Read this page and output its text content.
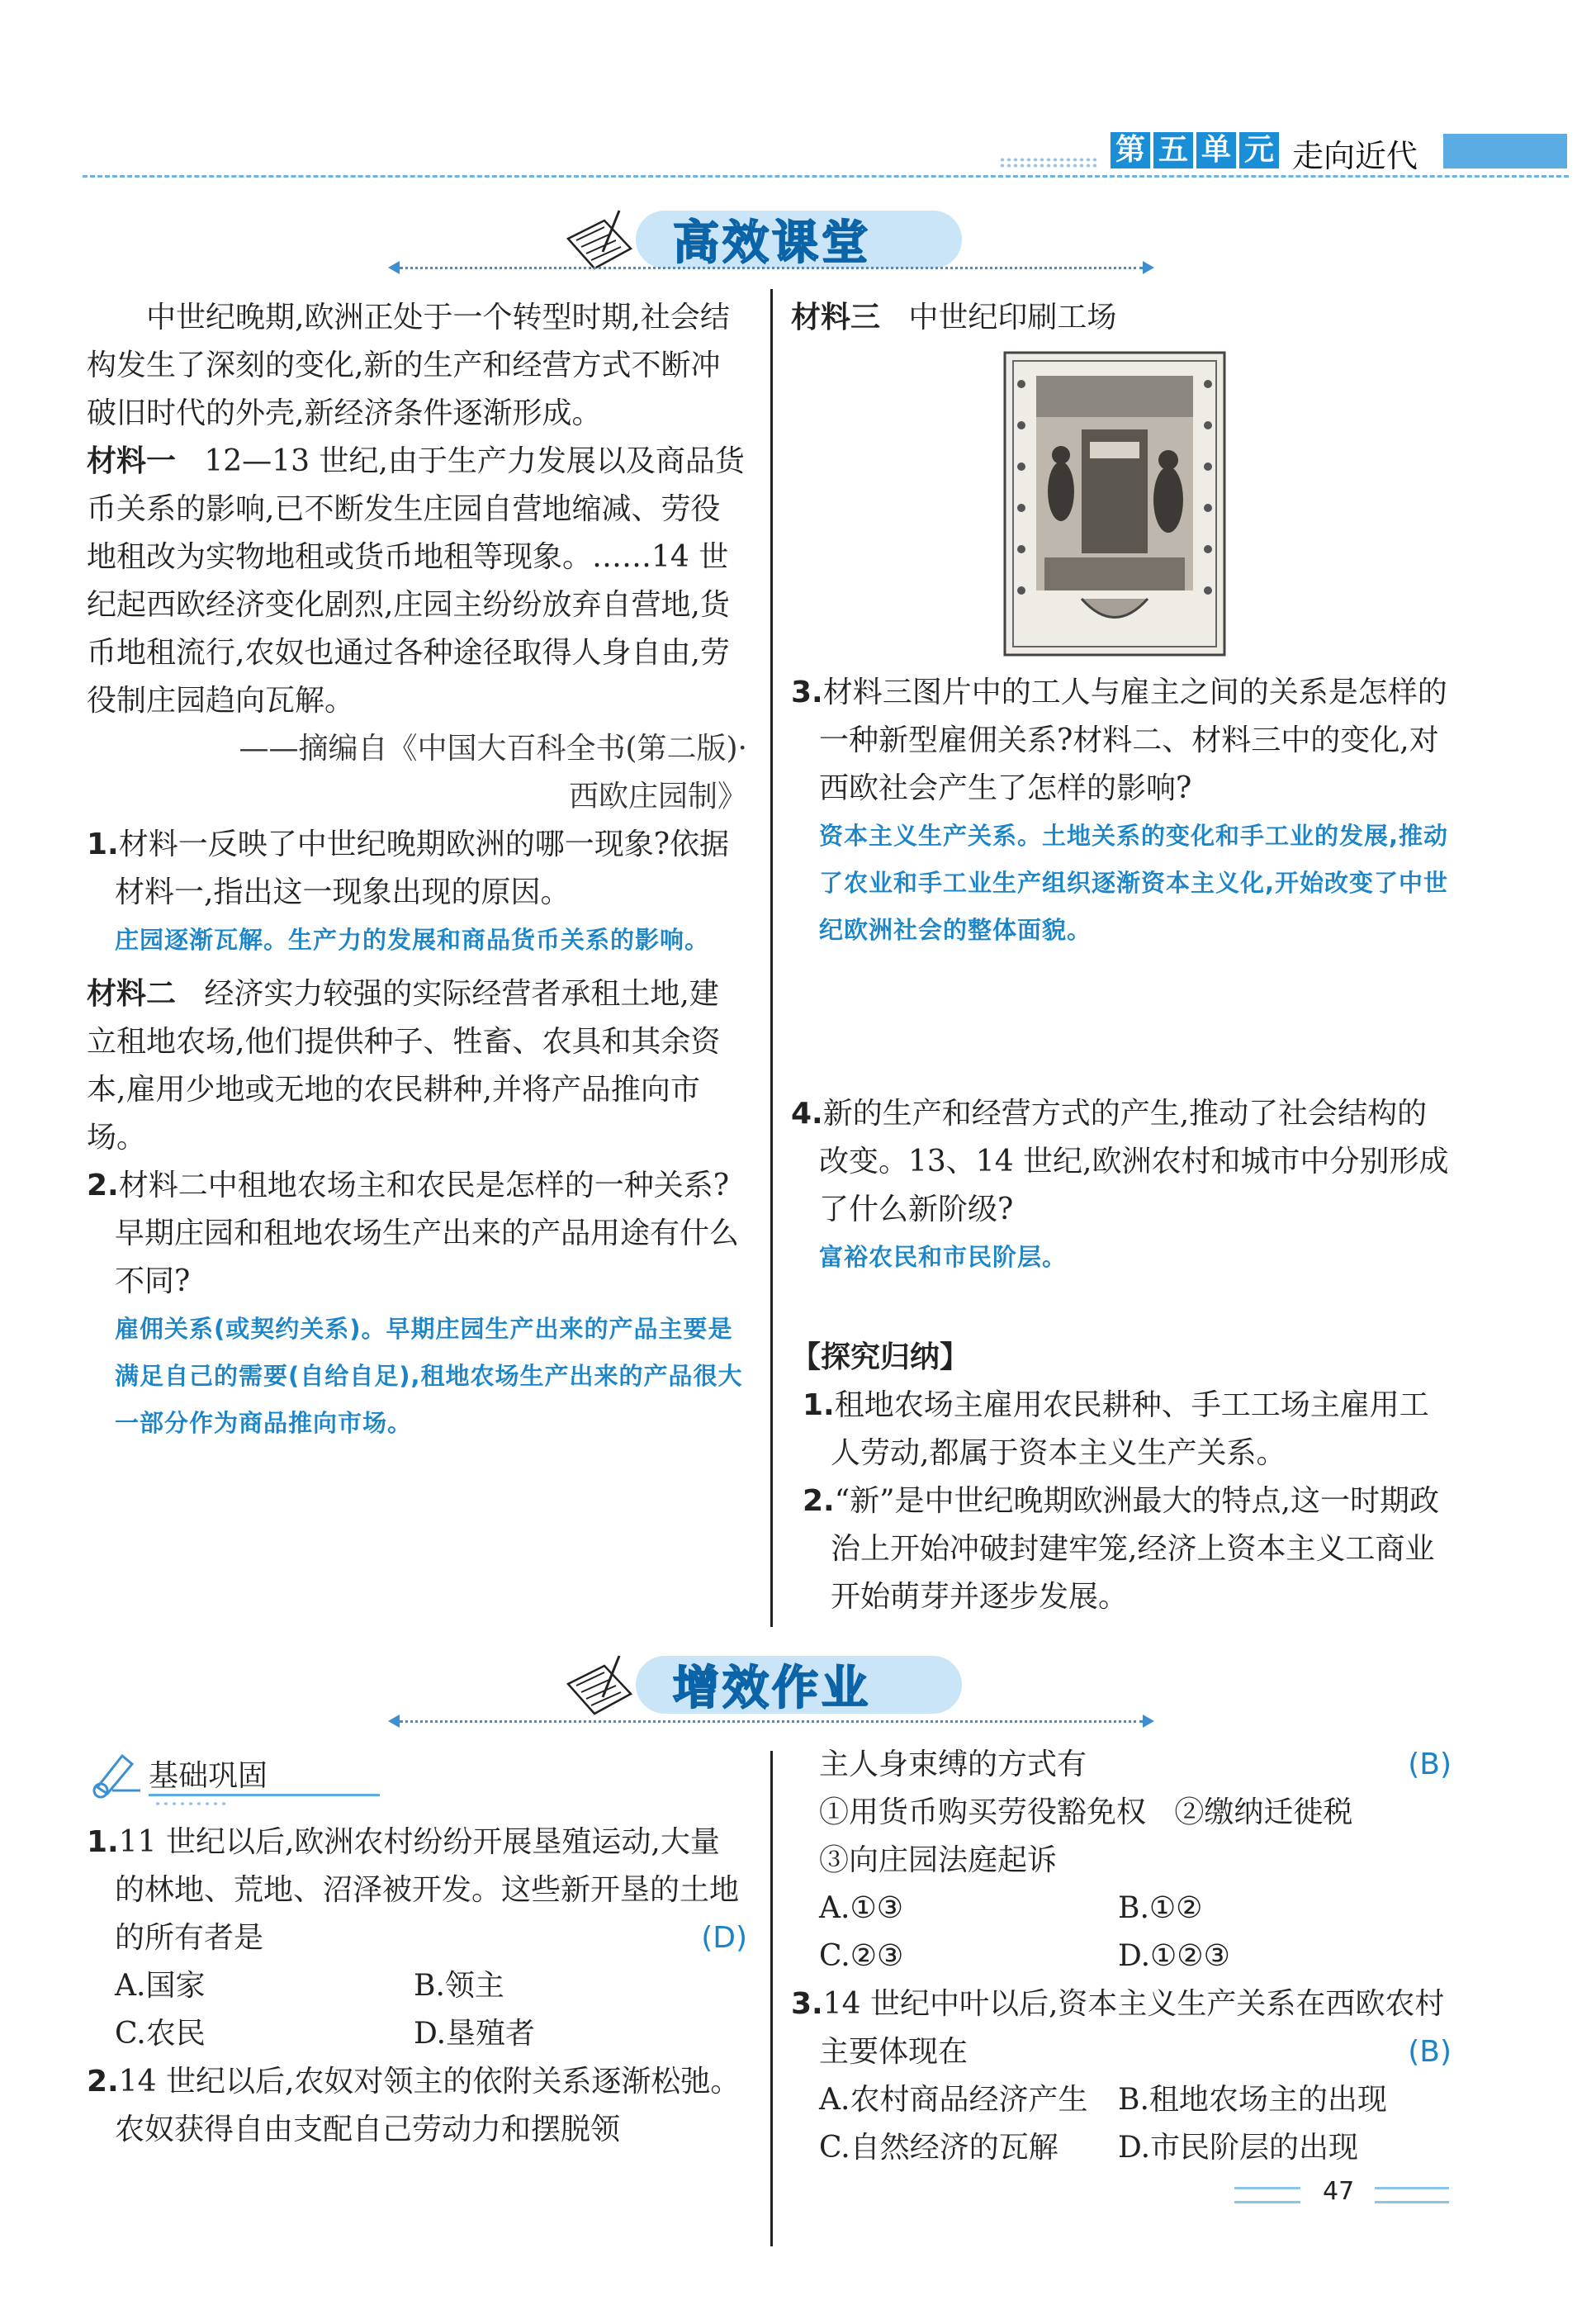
第 五 单 元 走向近代
高效课堂

中世纪晚期,欧洲正处于一个转型时期,社会结构发生了深刻的变化,新的生产和经营方式不断冲破旧时代的外壳,新经济条件逐渐形成。

材料一 12—13 世纪,由于生产力发展以及商品货币关系的影响,已不断发生庄园自营地缩减、劳役地租改为实物地租或货币地租等现象。……14 世纪起西欧经济变化剧烈,庄园主纷纷放弃自营地,货币地租流行,农奴也通过各种途径取得人身自由,劳役制庄园趋向瓦解。

——摘编自《中国大百科全书(第二版)·

西欧庄园制》

1.材料一反映了中世纪晚期欧洲的哪一现象?依据材料一,指出这一现象出现的原因。

庄园逐渐瓦解。生产力的发展和商品货币关系的影响。

材料二 经济实力较强的实际经营者承租土地,建立租地农场,他们提供种子、牲畜、农具和其余资本,雇用少地或无地的农民耕种,并将产品推向市场。

2.材料二中租地农场主和农民是怎样的一种关系?早期庄园和租地农场生产出来的产品用途有什么不同?

雇佣关系(或契约关系)。早期庄园生产出来的产品主要是满足自己的需要(自给自足),租地农场生产出来的产品很大一部分作为商品推向市场。

材料三 中世纪印刷工场

3.材料三图片中的工人与雇主之间的关系是怎样的一种新型雇佣关系?材料二、材料三中的变化,对西欧社会产生了怎样的影响?

资本主义生产关系。土地关系的变化和手工业的发展,推动了农业和手工业生产组织逐渐资本主义化,开始改变了中世纪欧洲社会的整体面貌。

4.新的生产和经营方式的产生,推动了社会结构的改变。13、14 世纪,欧洲农村和城市中分别形成了什么新阶级?

富裕农民和市民阶层。

【探究归纳】

1.租地农场主雇用农民耕种、手工工场主雇用工人劳动,都属于资本主义生产关系。

2.“新”是中世纪晚期欧洲最大的特点,这一时期政治上开始冲破封建牢笼,经济上资本主义工商业开始萌芽并逐步发展。

增效作业
基础巩固

1.11 世纪以后,欧洲农村纷纷开展垦殖运动,大量的林地、荒地、沼泽被开发。这些新开垦的土地的所有者是	(D)

A.国家	B.领主
C.农民	D.垦殖者

2.14 世纪以后,农奴对领主的依附关系逐渐松弛。农奴获得自由支配自己劳动力和摆脱领

主人身束缚的方式有	(B)

①用货币购买劳役豁免权 ②缴纳迁徙税

③向庄园法庭起诉

A.①③	B.①②
C.②③	D.①②③

3.14 世纪中叶以后,资本主义生产关系在西欧农村主要体现在	(B)

A.农村商品经济产生	B.租地农场主的出现
C.自然经济的瓦解	D.市民阶层的出现
47
